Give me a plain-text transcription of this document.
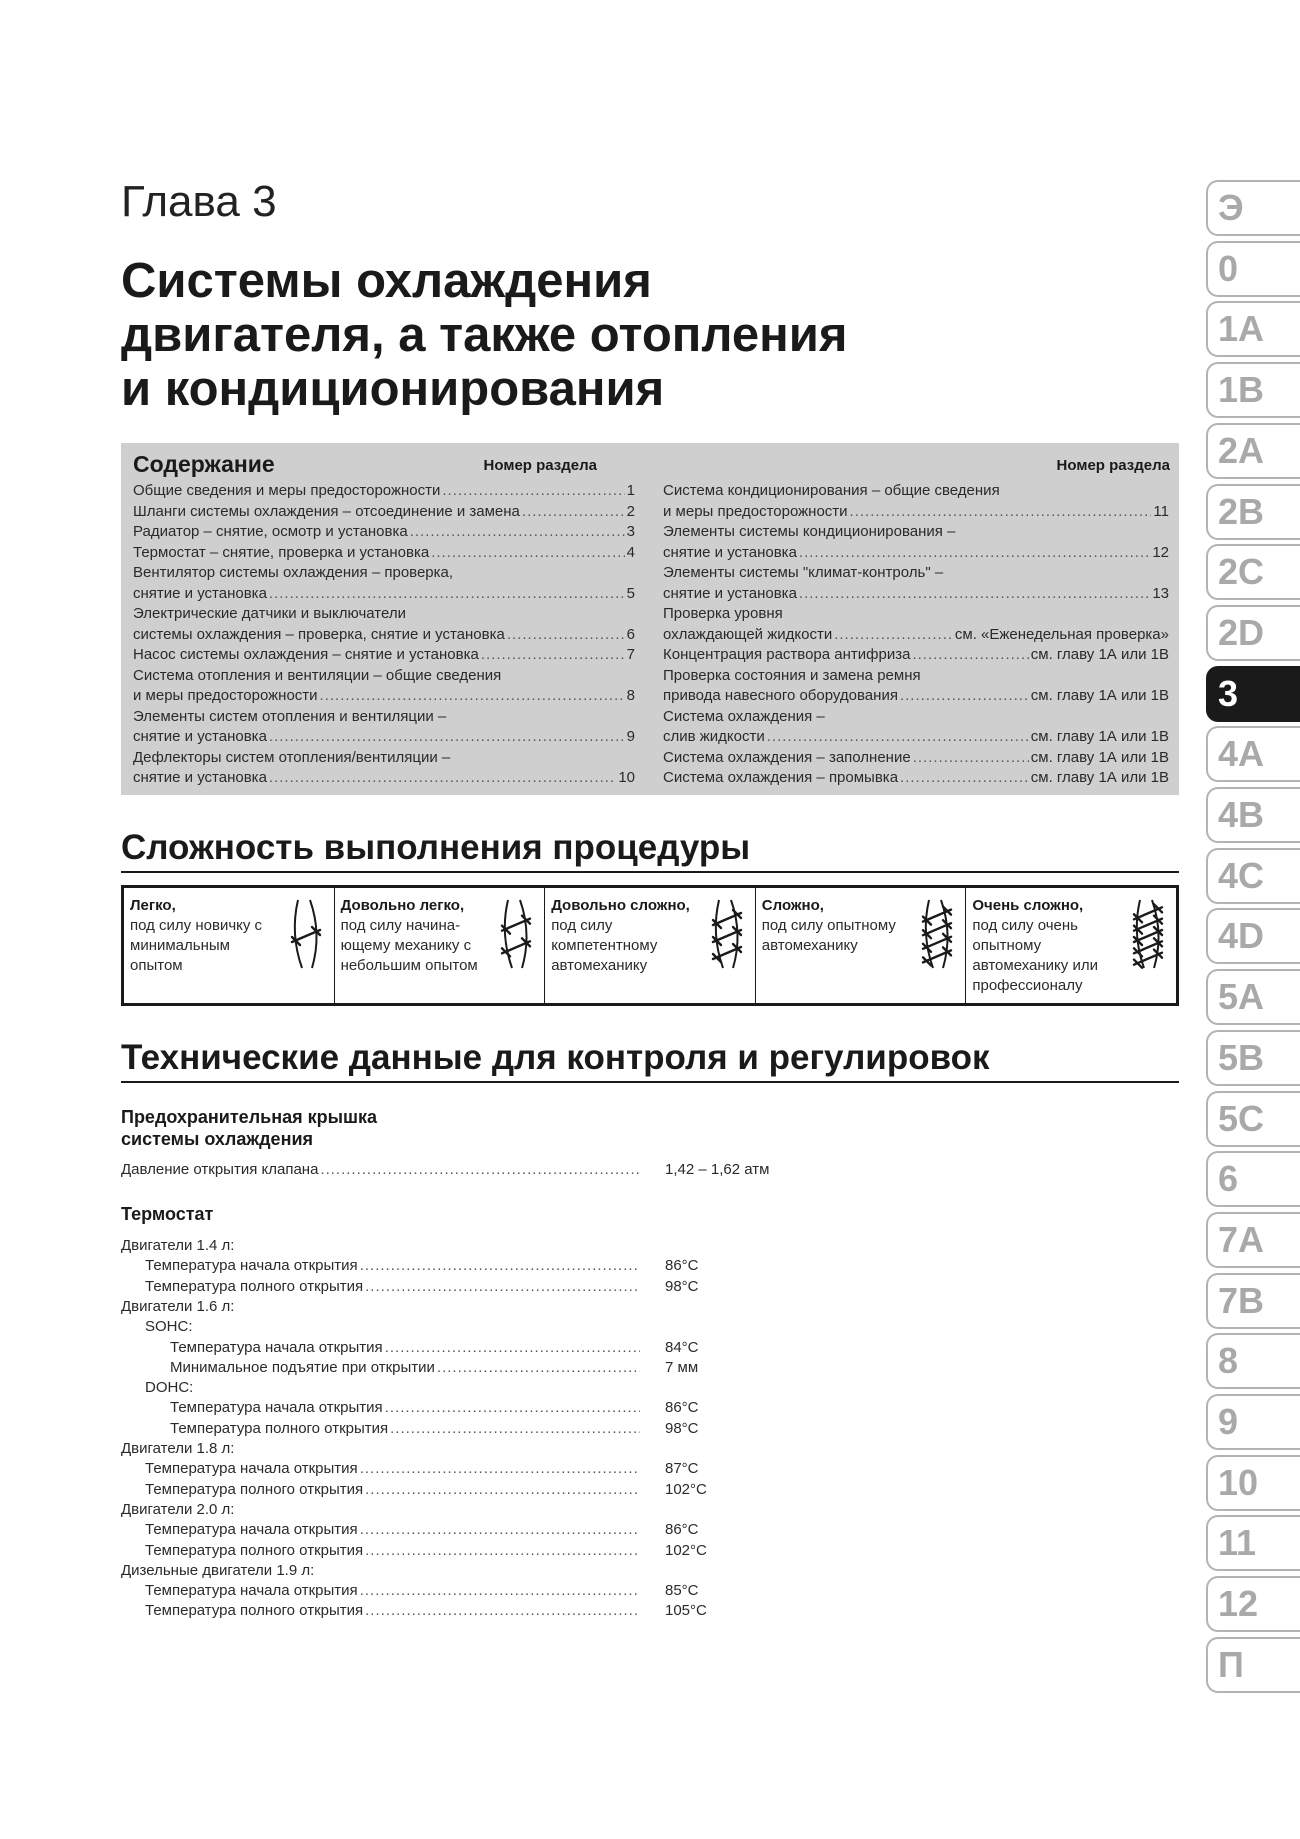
Глава 3
Системы охлаждения
двигателя, а также отопления
и кондиционирования
Содержание	Номер раздела	Номер раздела
Общие сведения и меры предосторожности .....	1
Шланги системы охлаждения – отсоединение и замена .....	2
Радиатор – снятие, осмотр и установка .....	3
Термостат – снятие, проверка и установка .....	4
Вентилятор системы охлаждения – проверка,
снятие и установка .....	5
Электрические датчики и выключатели
системы охлаждения – проверка, снятие и установка .....	6
Насос системы охлаждения – снятие и установка .....	7
Система отопления и вентиляции – общие сведения
и меры предосторожности .....	8
Элементы систем отопления и вентиляции –
снятие и установка .....	9
Дефлекторы систем отопления/вентиляции –
снятие и установка .....	10
Система кондиционирования – общие сведения
и меры предосторожности .....	11
Элементы системы кондиционирования –
снятие и установка .....	12
Элементы системы "климат-контроль" –
снятие и установка .....	13
Проверка уровня
охлаждающей жидкости .....	см. «Еженедельная проверка»
Концентрация раствора антифриза .....	см. главу 1А или 1В
Проверка состояния и замена ремня
привода навесного оборудования .....	см. главу 1А или 1В
Система охлаждения –
слив жидкости .....	см. главу 1А или 1В
Система охлаждения – заполнение .....	см. главу 1А или 1В
Система охлаждения – промывка .....	см. главу 1А или 1В
Сложность выполнения процедуры
Легко,
под силу новичку с минимальным опытом
Довольно легко,
под силу начина-ющему механику с небольшим опытом
Довольно сложно,
под силу компетентному автомеханику
Сложно,
под силу опытному автомеханику
Очень сложно,
под силу очень опытному автомеханику или профессионалу
Технические данные для контроля и регулировок
Предохранительная крышка
системы охлаждения
Давление открытия клапана .....	1,42 – 1,62 атм
Термостат
Двигатели 1.4 л:
Температура начала открытия .....	86°С
Температура полного открытия .....	98°С
Двигатели 1.6 л:
SOHC:
Температура начала открытия .....	84°С
Минимальное подъятие при открытии .....	7 мм
DOHC:
Температура начала открытия .....	86°С
Температура полного открытия .....	98°С
Двигатели 1.8 л:
Температура начала открытия .....	87°С
Температура полного открытия .....	102°С
Двигатели 2.0 л:
Температура начала открытия .....	86°С
Температура полного открытия .....	102°С
Дизельные двигатели 1.9 л:
Температура начала открытия .....	85°С
Температура полного открытия .....	105°С
Э
0
1A
1B
2A
2B
2C
2D
3
4A
4B
4C
4D
5A
5B
5C
6
7A
7B
8
9
10
11
12
П
